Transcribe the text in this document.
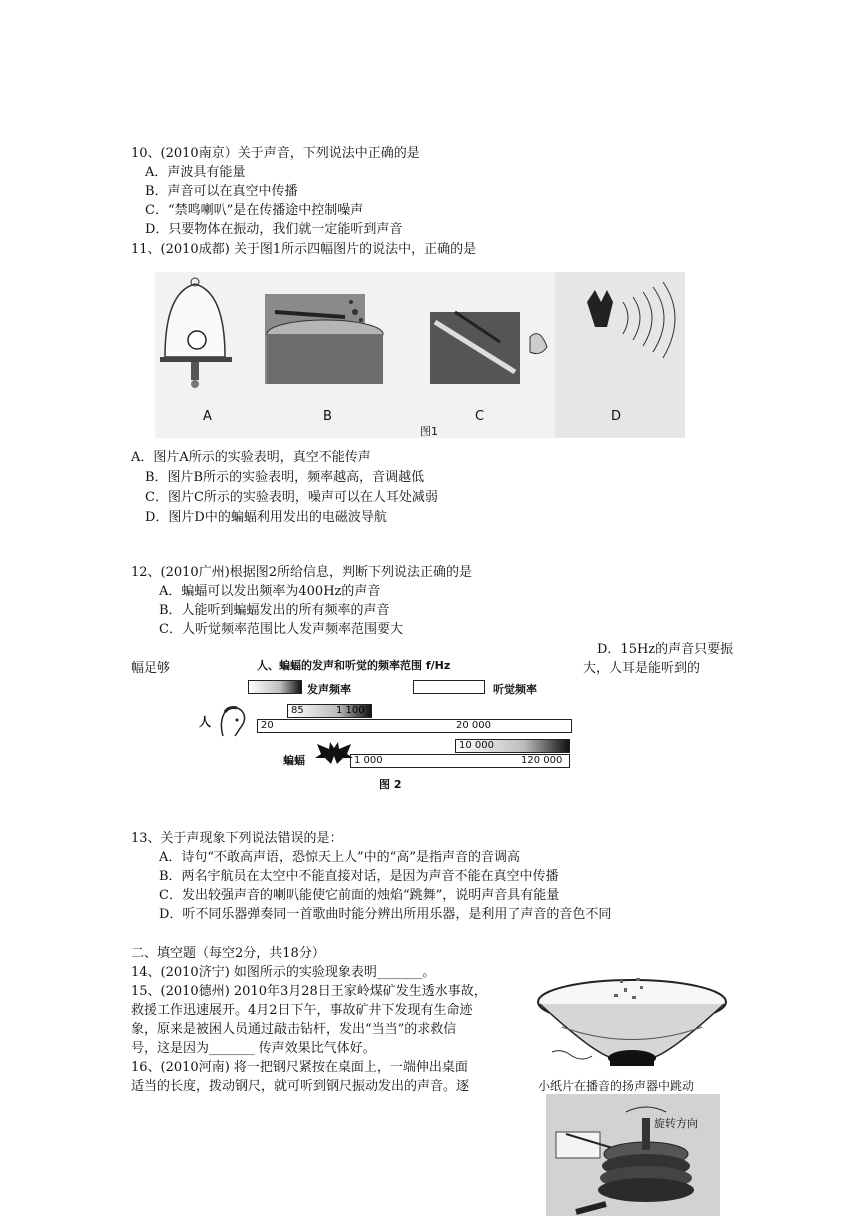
10、(2010南京）关于声音，下列说法中正确的是
A．声波具有能量
B．声音可以在真空中传播
C．“禁鸣喇叭”是在传播途中控制噪声
D．只要物体在振动，我们就一定能听到声音
11、(2010成都) 关于图1所示四幅图片的说法中，正确的是
A	B	C	D
图1
A．图片A所示的实验表明，真空不能传声
B．图片B所示的实验表明，频率越高，音调越低
C．图片C所示的实验表明，噪声可以在人耳处减弱
D．图片D中的蝙蝠利用发出的电磁波导航
12、(2010广州)根据图2所给信息，判断下列说法正确的是
A．蝙蝠可以发出频率为400Hz的声音
B．人能听到蝙蝠发出的所有频率的声音
C．人听觉频率范围比人发声频率范围要大
D．15Hz的声音只要振
大，人耳是能听到的
幅足够	人、蝙蝠的发声和听觉的频率范围 f/Hz
发声频率	听觉频率
人
85	1 100
20	20 000
蝙蝠
10 000
1 000	120 000
图 2
13、关于声现象下列说法错误的是：
A．诗句“不敢高声语，恐惊天上人”中的“高”是指声音的音调高
B．两名宇航员在太空中不能直接对话，是因为声音不能在真空中传播
C．发出较强声音的喇叭能使它前面的烛焰“跳舞”，说明声音具有能量
D．听不同乐器弹奏同一首歌曲时能分辨出所用乐器，是利用了声音的音色不同
二、填空题（每空2分，共18分）
14、(2010济宁) 如图所示的实验现象表明_______。
15、(2010德州) 2010年3月28日王家岭煤矿发生透水事故，
救援工作迅速展开。4月2日下午，事故矿井下发现有生命迹
象，原来是被困人员通过敲击钻杆，发出“当当”的求救信
号，这是因为_______ 传声效果比气体好。
16、(2010河南) 将一把钢尺紧按在桌面上，一端伸出桌面
适当的长度，拨动钢尺，就可听到钢尺振动发出的声音。逐	小纸片在播音的扬声器中跳动
旋转方向
